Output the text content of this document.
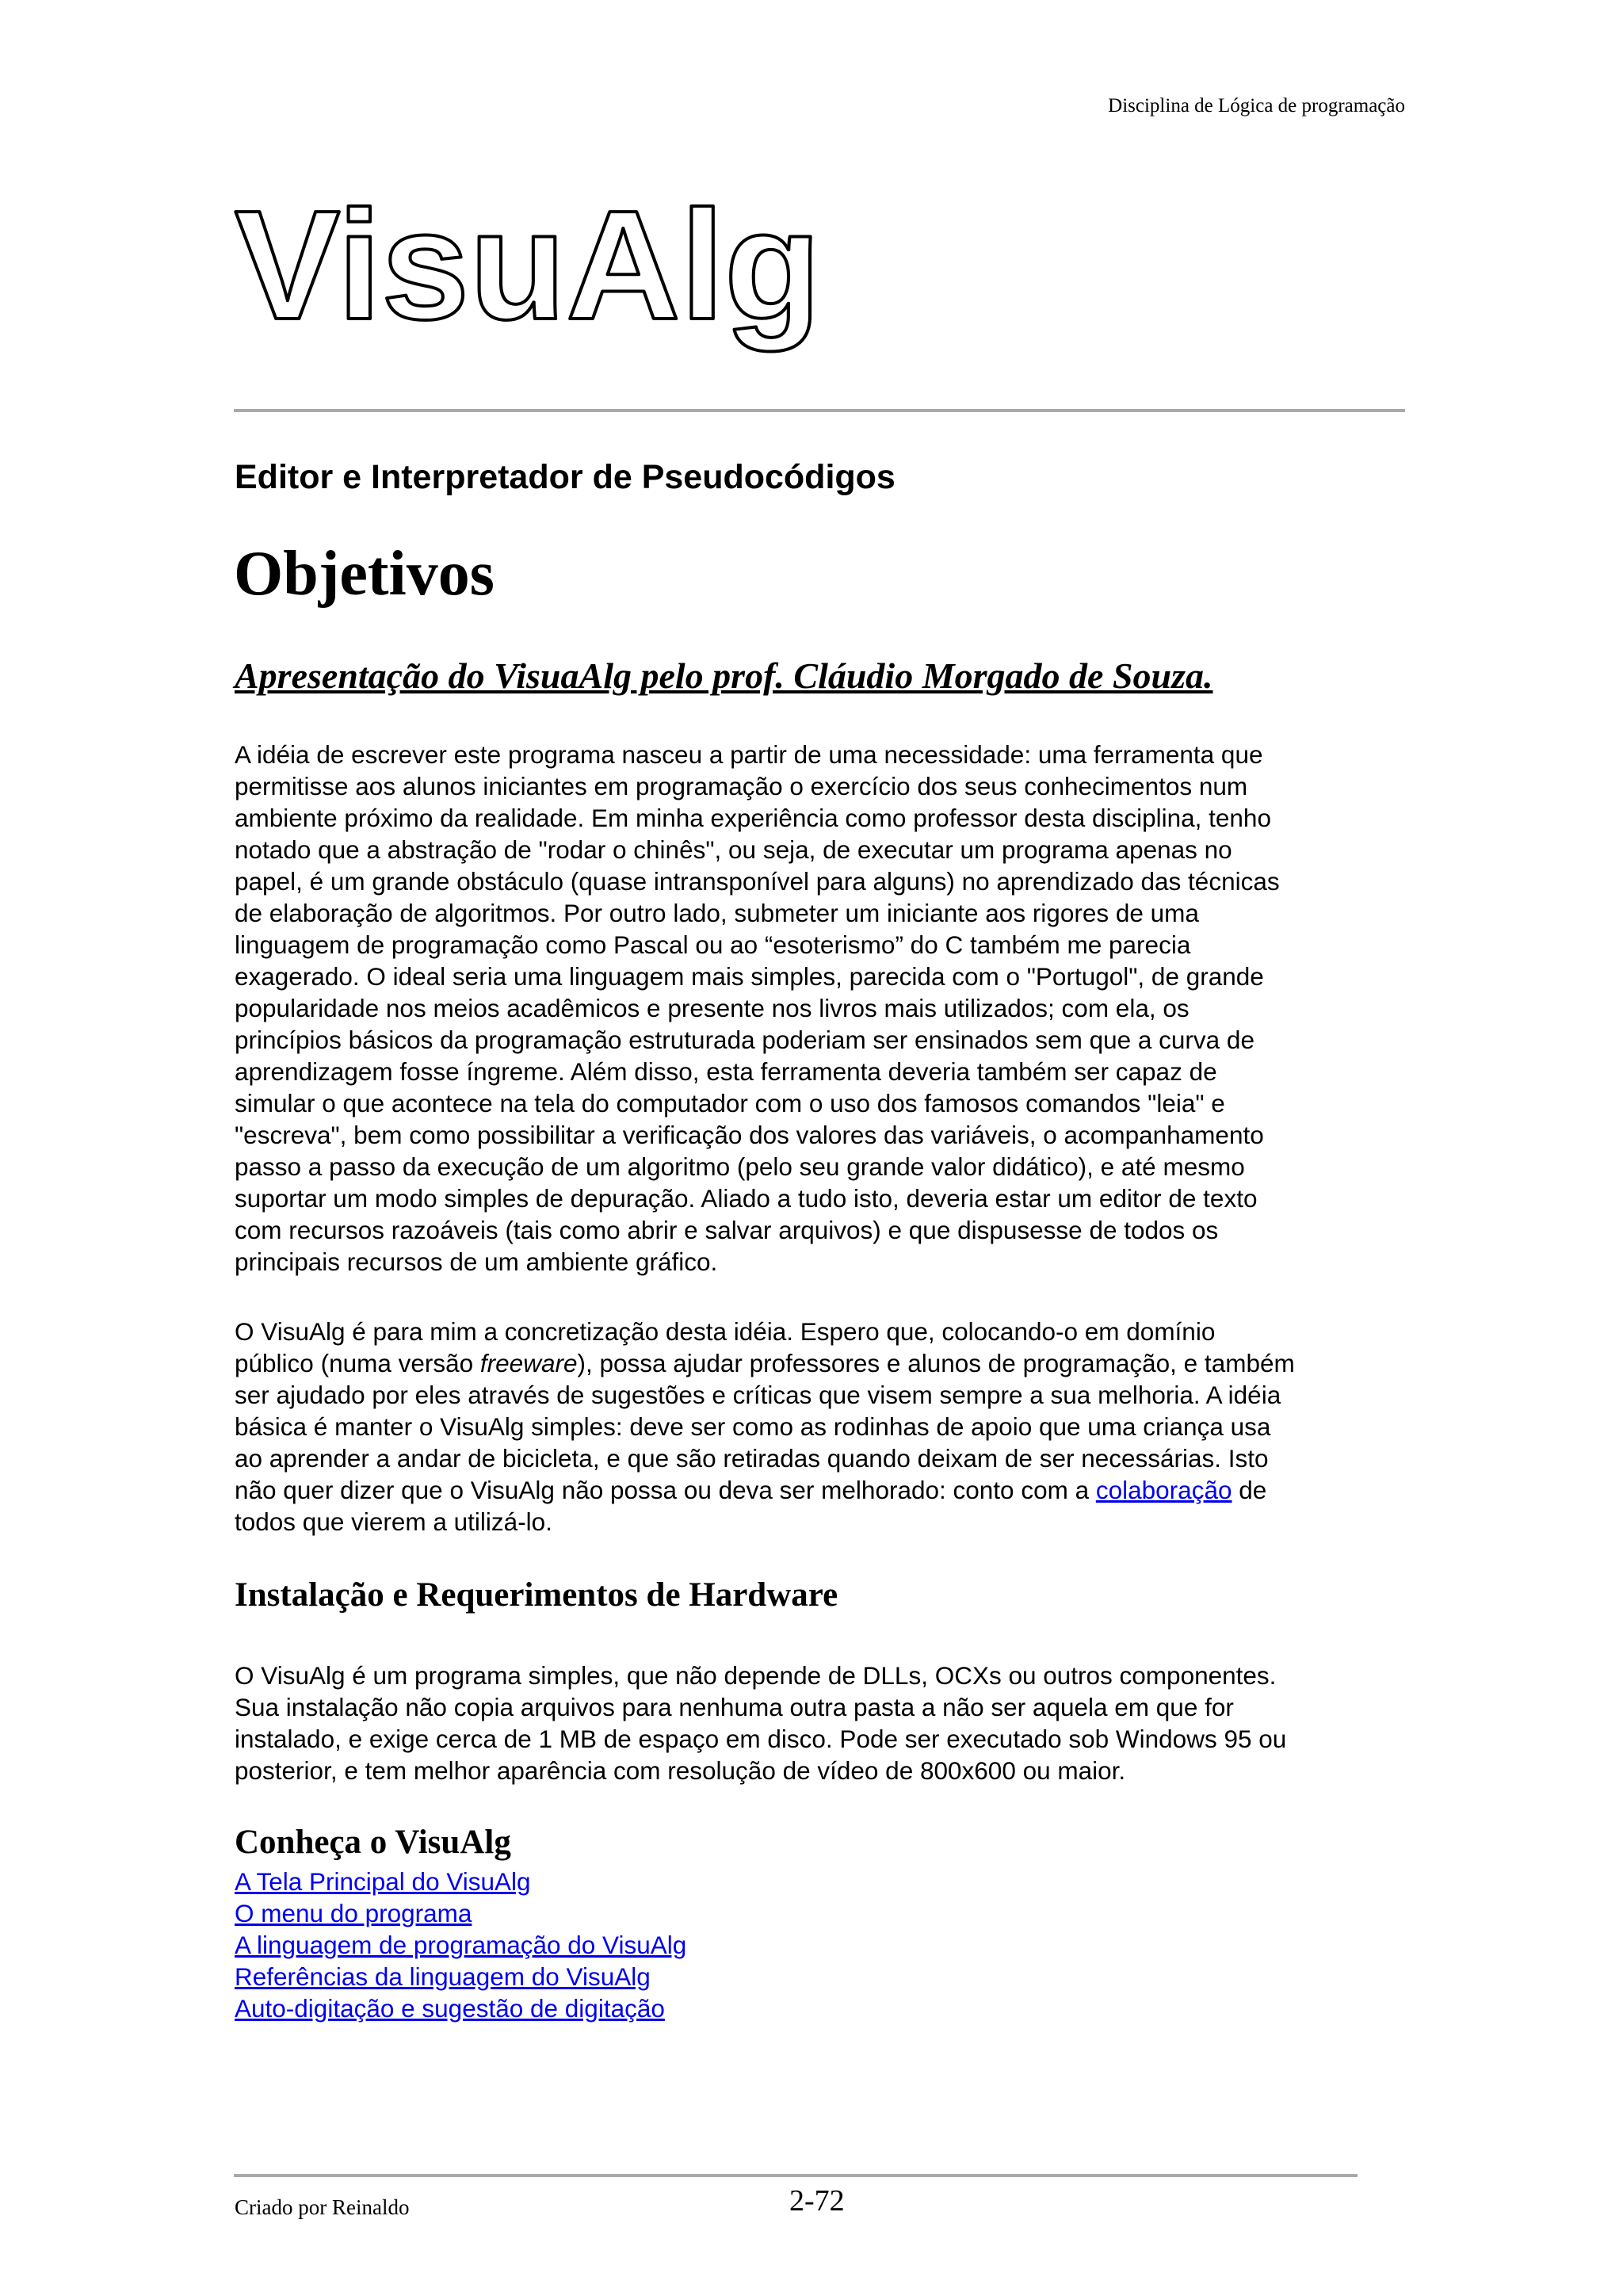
Disciplina de Lógica de programação
VisuAlg
Editor e Interpretador de Pseudocódigos
Objetivos
Apresentação do VisuaAlg pelo prof. Cláudio Morgado de Souza.
A idéia de escrever este programa nasceu a partir de uma necessidade: uma ferramenta que
permitisse aos alunos iniciantes em programação o exercício dos seus conhecimentos num
ambiente próximo da realidade. Em minha experiência como professor desta disciplina, tenho
notado que a abstração de "rodar o chinês", ou seja, de executar um programa apenas no
papel, é um grande obstáculo (quase intransponível para alguns) no aprendizado das técnicas
de elaboração de algoritmos. Por outro lado, submeter um iniciante aos rigores de uma
linguagem de programação como Pascal ou ao “esoterismo” do C também me parecia
exagerado. O ideal seria uma linguagem mais simples, parecida com o "Portugol", de grande
popularidade nos meios acadêmicos e presente nos livros mais utilizados; com ela, os
princípios básicos da programação estruturada poderiam ser ensinados sem que a curva de
aprendizagem fosse íngreme. Além disso, esta ferramenta deveria também ser capaz de
simular o que acontece na tela do computador com o uso dos famosos comandos "leia" e
"escreva", bem como possibilitar a verificação dos valores das variáveis, o acompanhamento
passo a passo da execução de um algoritmo (pelo seu grande valor didático), e até mesmo
suportar um modo simples de depuração. Aliado a tudo isto, deveria estar um editor de texto
com recursos razoáveis (tais como abrir e salvar arquivos) e que dispusesse de todos os
principais recursos de um ambiente gráfico.
O VisuAlg é para mim a concretização desta idéia. Espero que, colocando-o em domínio
público (numa versão freeware), possa ajudar professores e alunos de programação, e também
ser ajudado por eles através de sugestões e críticas que visem sempre a sua melhoria. A idéia
básica é manter o VisuAlg simples: deve ser como as rodinhas de apoio que uma criança usa
ao aprender a andar de bicicleta, e que são retiradas quando deixam de ser necessárias. Isto
não quer dizer que o VisuAlg não possa ou deva ser melhorado: conto com a colaboração de
todos que vierem a utilizá-lo.
Instalação e Requerimentos de Hardware
O VisuAlg é um programa simples, que não depende de DLLs, OCXs ou outros componentes.
Sua instalação não copia arquivos para nenhuma outra pasta a não ser aquela em que for
instalado, e exige cerca de 1 MB de espaço em disco. Pode ser executado sob Windows 95 ou
posterior, e tem melhor aparência com resolução de vídeo de 800x600 ou maior.
Conheça o VisuAlg
A Tela Principal do VisuAlg
O menu do programa
A linguagem de programação do VisuAlg
Referências da linguagem do VisuAlg
Auto-digitação e sugestão de digitação
Criado por Reinaldo	2-72
